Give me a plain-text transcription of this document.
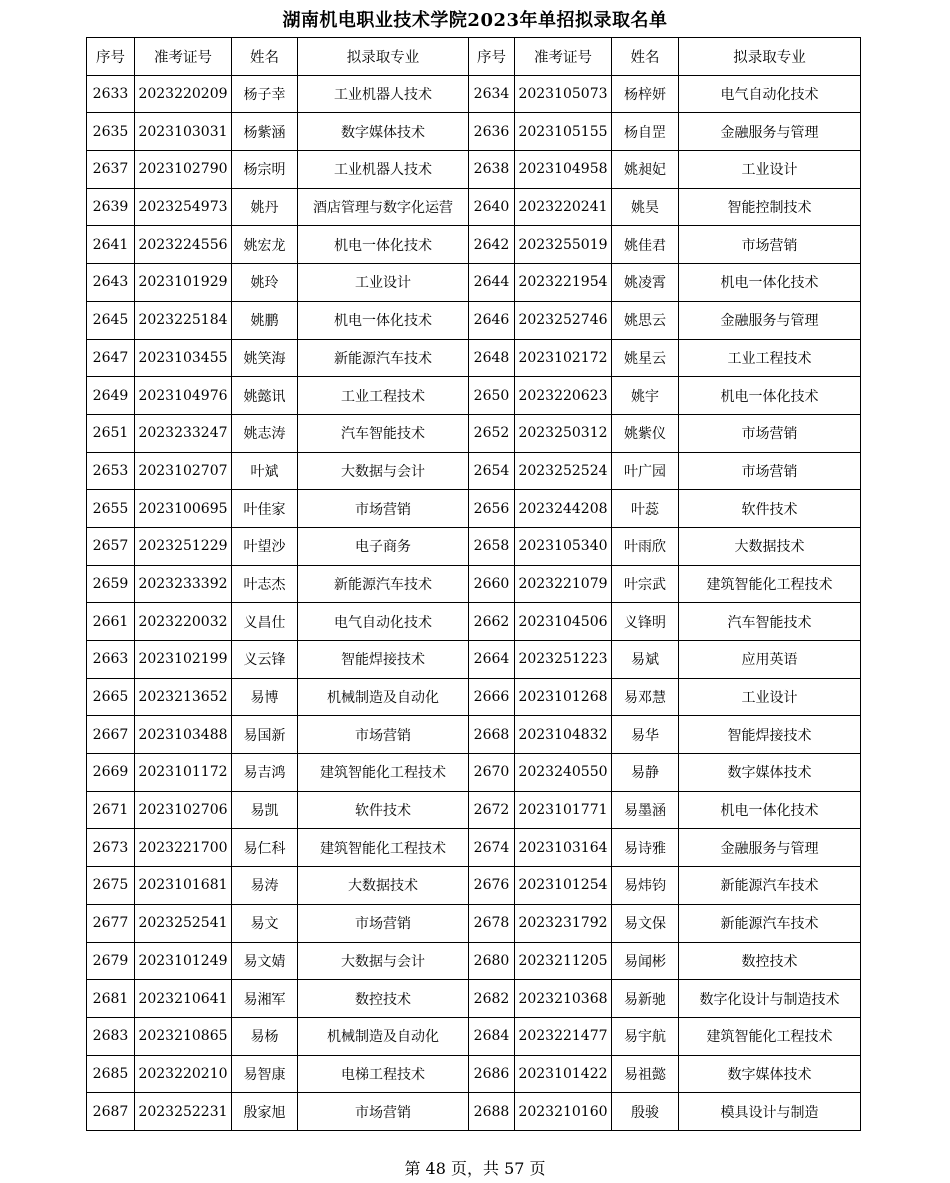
湖南机电职业技术学院2023年单招拟录取名单
序号	准考证号	姓名	拟录取专业	序号	准考证号	姓名	拟录取专业
2633	2023220209	杨子幸	工业机器人技术	2634	2023105073	杨梓妍	电气自动化技术
2635	2023103031	杨紫涵	数字媒体技术	2636	2023105155	杨自罡	金融服务与管理
2637	2023102790	杨宗明	工业机器人技术	2638	2023104958	姚昶妃	工业设计
2639	2023254973	姚丹	酒店管理与数字化运营	2640	2023220241	姚昊	智能控制技术
2641	2023224556	姚宏龙	机电一体化技术	2642	2023255019	姚佳君	市场营销
2643	2023101929	姚玲	工业设计	2644	2023221954	姚凌霄	机电一体化技术
2645	2023225184	姚鹏	机电一体化技术	2646	2023252746	姚思云	金融服务与管理
2647	2023103455	姚笑海	新能源汽车技术	2648	2023102172	姚星云	工业工程技术
2649	2023104976	姚懿讯	工业工程技术	2650	2023220623	姚宇	机电一体化技术
2651	2023233247	姚志涛	汽车智能技术	2652	2023250312	姚紫仪	市场营销
2653	2023102707	叶斌	大数据与会计	2654	2023252524	叶广园	市场营销
2655	2023100695	叶佳家	市场营销	2656	2023244208	叶蕊	软件技术
2657	2023251229	叶望沙	电子商务	2658	2023105340	叶雨欣	大数据技术
2659	2023233392	叶志杰	新能源汽车技术	2660	2023221079	叶宗武	建筑智能化工程技术
2661	2023220032	义昌仕	电气自动化技术	2662	2023104506	义锋明	汽车智能技术
2663	2023102199	义云锋	智能焊接技术	2664	2023251223	易斌	应用英语
2665	2023213652	易博	机械制造及自动化	2666	2023101268	易邓慧	工业设计
2667	2023103488	易国新	市场营销	2668	2023104832	易华	智能焊接技术
2669	2023101172	易吉鸿	建筑智能化工程技术	2670	2023240550	易静	数字媒体技术
2671	2023102706	易凯	软件技术	2672	2023101771	易墨涵	机电一体化技术
2673	2023221700	易仁科	建筑智能化工程技术	2674	2023103164	易诗雅	金融服务与管理
2675	2023101681	易涛	大数据技术	2676	2023101254	易炜钧	新能源汽车技术
2677	2023252541	易文	市场营销	2678	2023231792	易文保	新能源汽车技术
2679	2023101249	易文婧	大数据与会计	2680	2023211205	易闻彬	数控技术
2681	2023210641	易湘军	数控技术	2682	2023210368	易新驰	数字化设计与制造技术
2683	2023210865	易杨	机械制造及自动化	2684	2023221477	易宇航	建筑智能化工程技术
2685	2023220210	易智康	电梯工程技术	2686	2023101422	易祖懿	数字媒体技术
2687	2023252231	殷家旭	市场营销	2688	2023210160	殷骏	模具设计与制造
第 48 页，共 57 页
